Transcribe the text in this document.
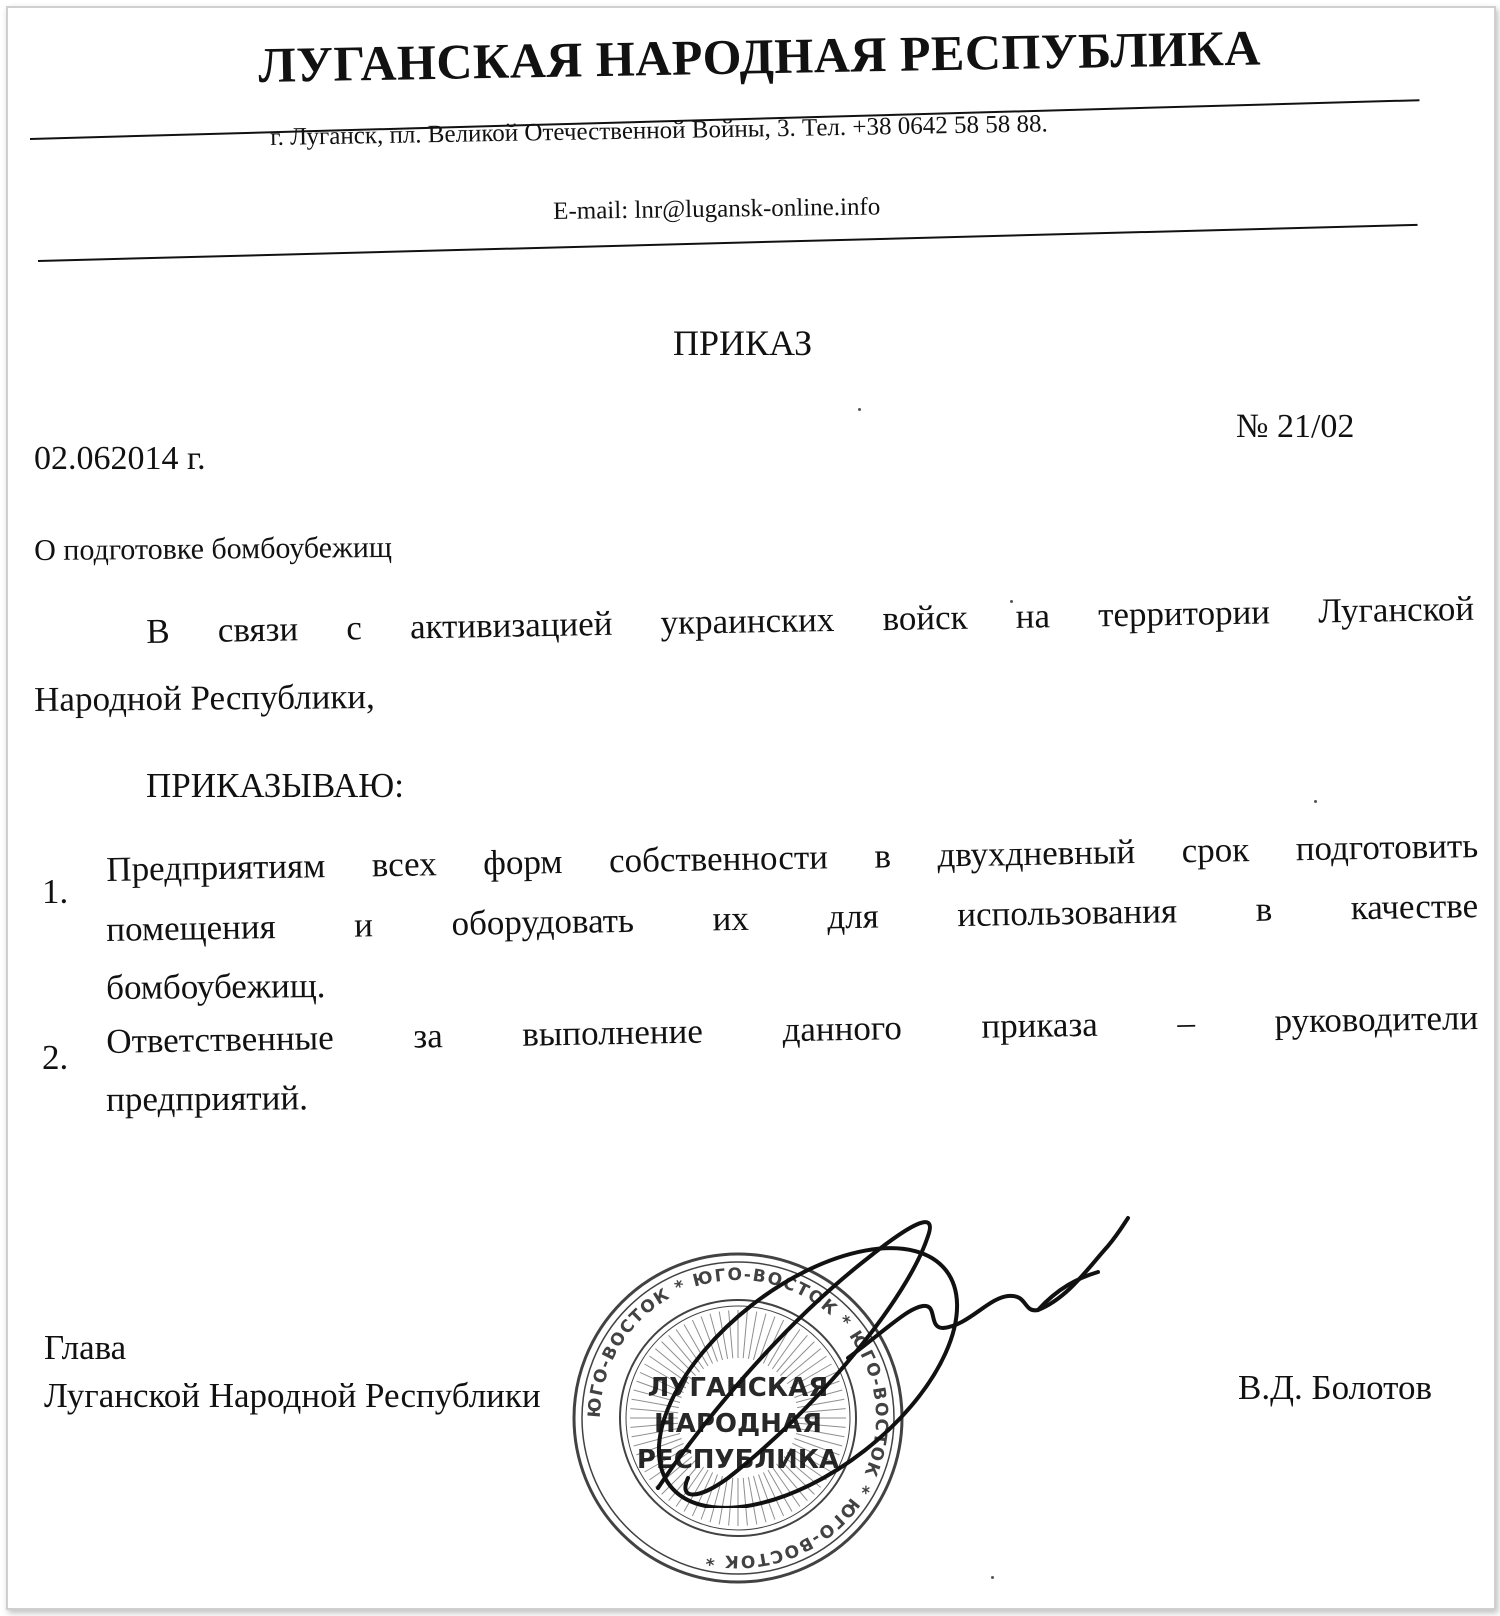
ЛУГАНСКАЯ НАРОДНАЯ РЕСПУБЛИКА
г. Луганск, пл. Великой Отечественной Войны, 3. Тел. +38 0642 58 58 88.
E-mail: lnr@lugansk-online.info
ПРИКАЗ
№ 21/02
02.062014 г.
О подготовке бомбоубежищ
В связи с активизацией украинских войск на территории Луганской
Народной Республики,
ПРИКАЗЫВАЮ:
1.
Предприятиям всех форм собственности в двухдневный срок подготовить
помещения и оборудовать их для использования в качестве
бомбоубежищ.
2. Ответственные за выполнение данного приказа – руководители
предприятий.
Глава
Луганской Народной Республики	В.Д. Болотов
ЮГО-ВОСТОК * ЮГО-ВОСТОК * ЮГО-ВОСТОК * ЮГО-ВОСТОК *
ЛУГАНСКАЯ
НАРОДНАЯ
РЕСПУБЛИКА
